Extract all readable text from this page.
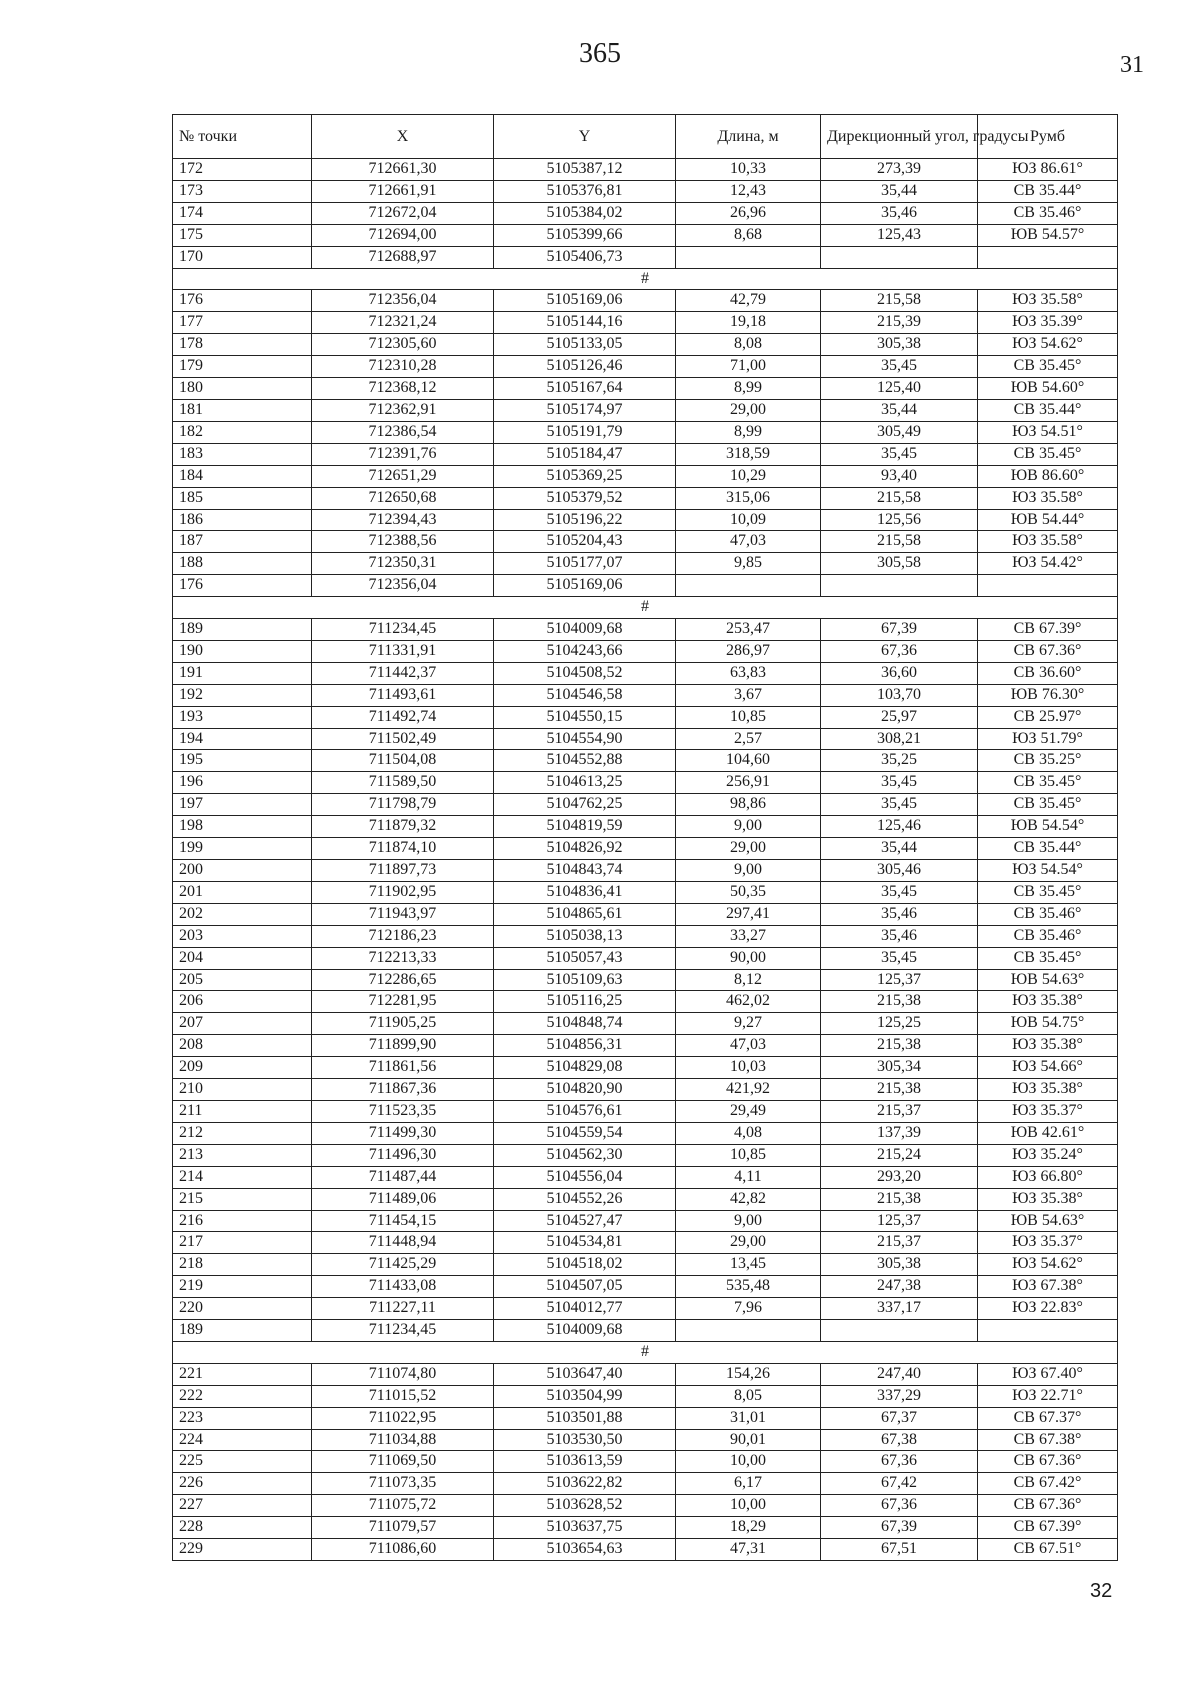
365	31
№ точки	X	Y	Длина, м	Дирекционный угол, градусы	Румб
172	712661,30	5105387,12	10,33	273,39	ЮЗ 86.61°
173	712661,91	5105376,81	12,43	35,44	СВ 35.44°
174	712672,04	5105384,02	26,96	35,46	СВ 35.46°
175	712694,00	5105399,66	8,68	125,43	ЮВ 54.57°
170	712688,97	5105406,73			
#					
176	712356,04	5105169,06	42,79	215,58	ЮЗ 35.58°
177	712321,24	5105144,16	19,18	215,39	ЮЗ 35.39°
178	712305,60	5105133,05	8,08	305,38	ЮЗ 54.62°
179	712310,28	5105126,46	71,00	35,45	СВ 35.45°
180	712368,12	5105167,64	8,99	125,40	ЮВ 54.60°
181	712362,91	5105174,97	29,00	35,44	СВ 35.44°
182	712386,54	5105191,79	8,99	305,49	ЮЗ 54.51°
183	712391,76	5105184,47	318,59	35,45	СВ 35.45°
184	712651,29	5105369,25	10,29	93,40	ЮВ 86.60°
185	712650,68	5105379,52	315,06	215,58	ЮЗ 35.58°
186	712394,43	5105196,22	10,09	125,56	ЮВ 54.44°
187	712388,56	5105204,43	47,03	215,58	ЮЗ 35.58°
188	712350,31	5105177,07	9,85	305,58	ЮЗ 54.42°
176	712356,04	5105169,06			
#					
189	711234,45	5104009,68	253,47	67,39	СВ 67.39°
190	711331,91	5104243,66	286,97	67,36	СВ 67.36°
191	711442,37	5104508,52	63,83	36,60	СВ 36.60°
192	711493,61	5104546,58	3,67	103,70	ЮВ 76.30°
193	711492,74	5104550,15	10,85	25,97	СВ 25.97°
194	711502,49	5104554,90	2,57	308,21	ЮЗ 51.79°
195	711504,08	5104552,88	104,60	35,25	СВ 35.25°
196	711589,50	5104613,25	256,91	35,45	СВ 35.45°
197	711798,79	5104762,25	98,86	35,45	СВ 35.45°
198	711879,32	5104819,59	9,00	125,46	ЮВ 54.54°
199	711874,10	5104826,92	29,00	35,44	СВ 35.44°
200	711897,73	5104843,74	9,00	305,46	ЮЗ 54.54°
201	711902,95	5104836,41	50,35	35,45	СВ 35.45°
202	711943,97	5104865,61	297,41	35,46	СВ 35.46°
203	712186,23	5105038,13	33,27	35,46	СВ 35.46°
204	712213,33	5105057,43	90,00	35,45	СВ 35.45°
205	712286,65	5105109,63	8,12	125,37	ЮВ 54.63°
206	712281,95	5105116,25	462,02	215,38	ЮЗ 35.38°
207	711905,25	5104848,74	9,27	125,25	ЮВ 54.75°
208	711899,90	5104856,31	47,03	215,38	ЮЗ 35.38°
209	711861,56	5104829,08	10,03	305,34	ЮЗ 54.66°
210	711867,36	5104820,90	421,92	215,38	ЮЗ 35.38°
211	711523,35	5104576,61	29,49	215,37	ЮЗ 35.37°
212	711499,30	5104559,54	4,08	137,39	ЮВ 42.61°
213	711496,30	5104562,30	10,85	215,24	ЮЗ 35.24°
214	711487,44	5104556,04	4,11	293,20	ЮЗ 66.80°
215	711489,06	5104552,26	42,82	215,38	ЮЗ 35.38°
216	711454,15	5104527,47	9,00	125,37	ЮВ 54.63°
217	711448,94	5104534,81	29,00	215,37	ЮЗ 35.37°
218	711425,29	5104518,02	13,45	305,38	ЮЗ 54.62°
219	711433,08	5104507,05	535,48	247,38	ЮЗ 67.38°
220	711227,11	5104012,77	7,96	337,17	ЮЗ 22.83°
189	711234,45	5104009,68			
#					
221	711074,80	5103647,40	154,26	247,40	ЮЗ 67.40°
222	711015,52	5103504,99	8,05	337,29	ЮЗ 22.71°
223	711022,95	5103501,88	31,01	67,37	СВ 67.37°
224	711034,88	5103530,50	90,01	67,38	СВ 67.38°
225	711069,50	5103613,59	10,00	67,36	СВ 67.36°
226	711073,35	5103622,82	6,17	67,42	СВ 67.42°
227	711075,72	5103628,52	10,00	67,36	СВ 67.36°
228	711079,57	5103637,75	18,29	67,39	СВ 67.39°
229	711086,60	5103654,63	47,31	67,51	СВ 67.51°
32
